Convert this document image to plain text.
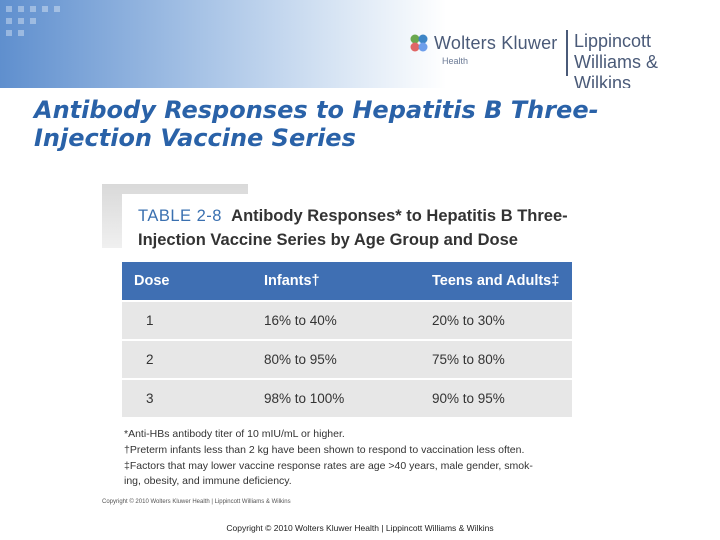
Wolters Kluwer
Health
Lippincott
Williams & Wilkins
Antibody Responses to Hepatitis B Three-
Injection Vaccine Series
TABLE 2-8 Antibody Responses* to Hepatitis B Three-
Injection Vaccine Series by Age Group and Dose
Dose	Infants†	Teens and Adults‡
1	16% to 40%	20% to 30%
2	80% to 95%	75% to 80%
3	98% to 100%	90% to 95%

*Anti-HBs antibody titer of 10 mIU/mL or higher.

†Preterm infants less than 2 kg have been shown to respond to vaccination less often.

‡Factors that may lower vaccine response rates are age >40 years, male gender, smok-

ing, obesity, and immune deficiency.

Copyright © 2010 Wolters Kluwer Health | Lippincott Williams & Wilkins
Copyright © 2010 Wolters Kluwer Health | Lippincott Williams & Wilkins
